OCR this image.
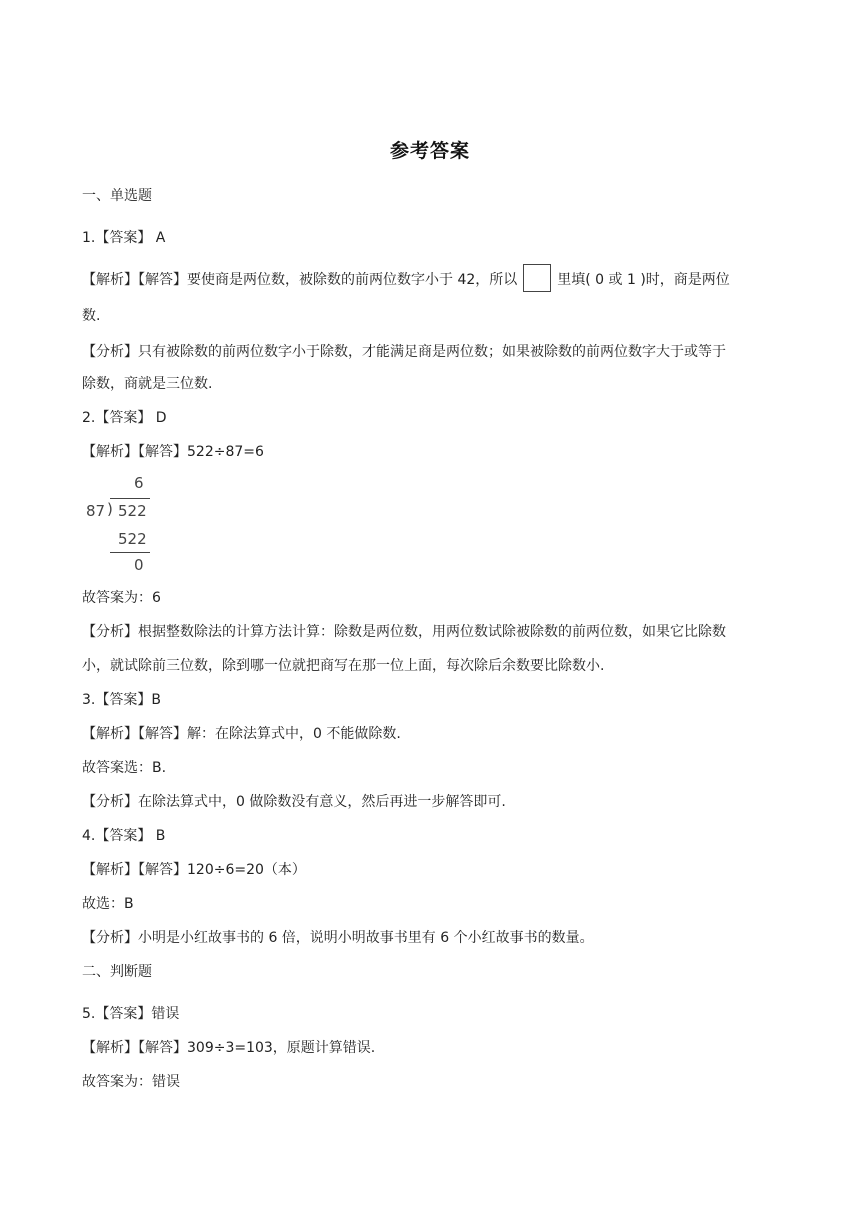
参考答案
一、单选题
1.【答案】 A
【解析】【解答】要使商是两位数，被除数的前两位数字小于 42，所以	里填( 0 或 1 )时，商是两位
数.
【分析】只有被除数的前两位数字小于除数，才能满足商是两位数；如果被除数的前两位数字大于或等于
除数，商就是三位数.
2.【答案】 D
【解析】【解答】522÷87=6
6
87 ) 522
522
0
故答案为：6
【分析】根据整数除法的计算方法计算：除数是两位数，用两位数试除被除数的前两位数，如果它比除数
小，就试除前三位数，除到哪一位就把商写在那一位上面，每次除后余数要比除数小.
3.【答案】B
【解析】【解答】解：在除法算式中，0 不能做除数.
故答案选：B.
【分析】在除法算式中，0 做除数没有意义，然后再进一步解答即可.
4.【答案】 B
【解析】【解答】120÷6=20（本）
故选：B
【分析】小明是小红故事书的 6 倍，说明小明故事书里有 6 个小红故事书的数量。
二、判断题
5.【答案】错误
【解析】【解答】309÷3=103，原题计算错误.
故答案为：错误
